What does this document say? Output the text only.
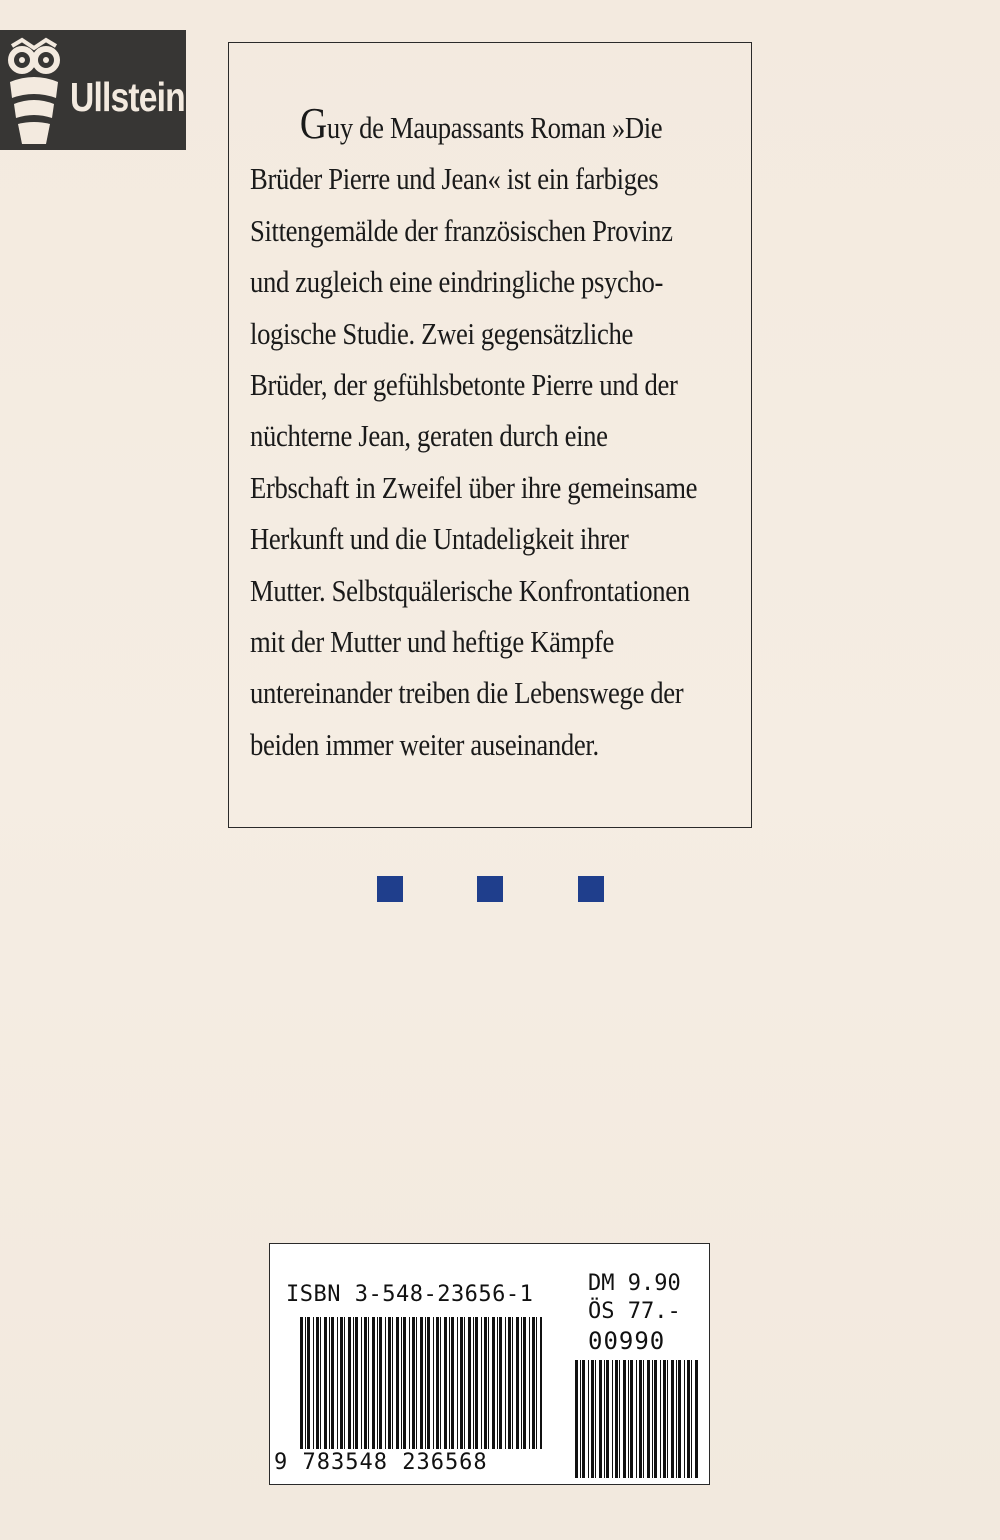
Ullstein

Guy de Maupassants Roman »Die
Brüder Pierre und Jean« ist ein farbiges
Sittengemälde der französischen Provinz
und zugleich eine eindringliche psycho-
logische Studie. Zwei gegensätzliche
Brüder, der gefühlsbetonte Pierre und der
nüchterne Jean, geraten durch eine
Erbschaft in Zweifel über ihre gemeinsame
Herkunft und die Untadeligkeit ihrer
Mutter. Selbstquälerische Konfrontationen
mit der Mutter und heftige Kämpfe
untereinander treiben die Lebenswege der
beiden immer weiter auseinander.

ISBN 3-548-23656-1 DM 9.90
ÖS 77.-
00990
9 783548 236568
